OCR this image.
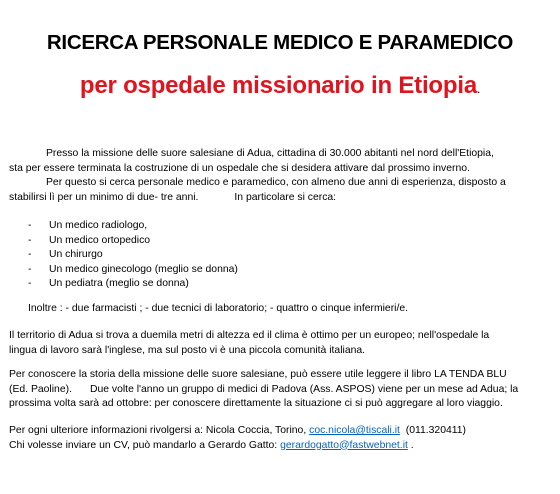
RICERCA PERSONALE MEDICO E PARAMEDICO
per ospedale missionario in Etiopia.

Presso la missione delle suore salesiane di Adua, cittadina di 30.000 abitanti nel nord dell'Etiopia,

sta per essere terminata la costruzione di un ospedale che si desidera attivare dal prossimo inverno.

Per questo si cerca personale medico e paramedico, con almeno due anni di esperienza, disposto a

stabilirsi lì per un minimo di due- tre anni.	In particolare si cerca:

- Un medico radiologo,
- Un medico ortopedico
- Un chirurgo
- Un medico ginecologo (meglio se donna)
- Un pediatra (meglio se donna)

Inoltre : - due farmacisti ; - due tecnici di laboratorio; - quattro o cinque infermieri/e.

Il territorio di Adua si trova a duemila metri di altezza ed il clima è ottimo per un europeo; nell'ospedale la

lingua di lavoro sarà l'inglese, ma sul posto vi è una piccola comunità italiana.

Per conoscere la storia della missione delle suore salesiane, può essere utile leggere il libro LA TENDA BLU

(Ed. Paoline). Due volte l'anno un gruppo di medici di Padova (Ass. ASPOS) viene per un mese ad Adua; la

prossima volta sarà ad ottobre: per conoscere direttamente la situazione ci si può aggregare al loro viaggio.

Per ogni ulteriore informazioni rivolgersi a: Nicola Coccia, Torino, coc.nicola@tiscali.it (011.320411)

Chi volesse inviare un CV, può mandarlo a Gerardo Gatto: gerardogatto@fastwebnet.it .
